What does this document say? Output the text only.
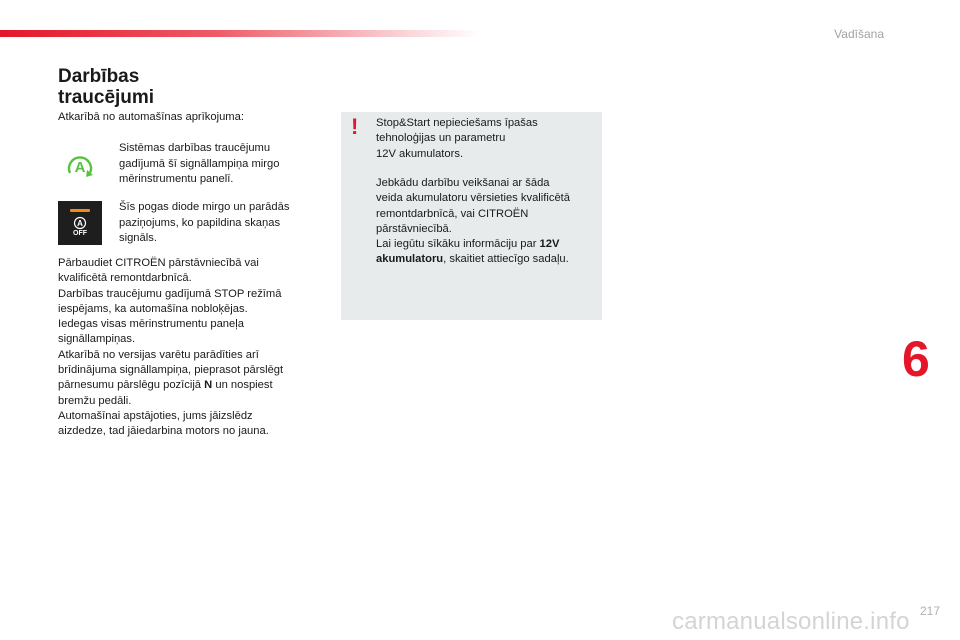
Vadīšana
Darbības
traucējumi
Atkarībā no automašīnas aprīkojuma:
A
Sistēmas darbības traucējumu
gadījumā šī signāllampiņa mirgo
mērinstrumentu panelī.
A
OFF
Šīs pogas diode mirgo un parādās
paziņojums, ko papildina skaņas
signāls.
Pārbaudiet CITROËN pārstāvniecībā vai
kvalificētā remontdarbnīcā.
Darbības traucējumu gadījumā STOP režīmā
iespējams, ka automašīna nobloķējas.
Iedegas visas mērinstrumentu paneļa
signāllampiņas.
Atkarībā no versijas varētu parādīties arī
brīdinājuma signāllampiņa, pieprasot pārslēgt
pārnesumu pārslēgu pozīcijā N un nospiest
bremžu pedāli.
Automašīnai apstājoties, jums jāizslēdz
aizdedze, tad jāiedarbina motors no jauna.
! Stop&Start nepieciešams īpašas
tehnoloģijas un parametru
12V akumulators.
Jebkādu darbību veikšanai ar šāda
veida akumulatoru vērsieties kvalificētā
remontdarbnīcā, vai CITROËN
pārstāvniecībā.
Lai iegūtu sīkāku informāciju par 12V
akumulatoru, skaitiet attiecīgo sadaļu.
6
217
carmanualsonline.info
